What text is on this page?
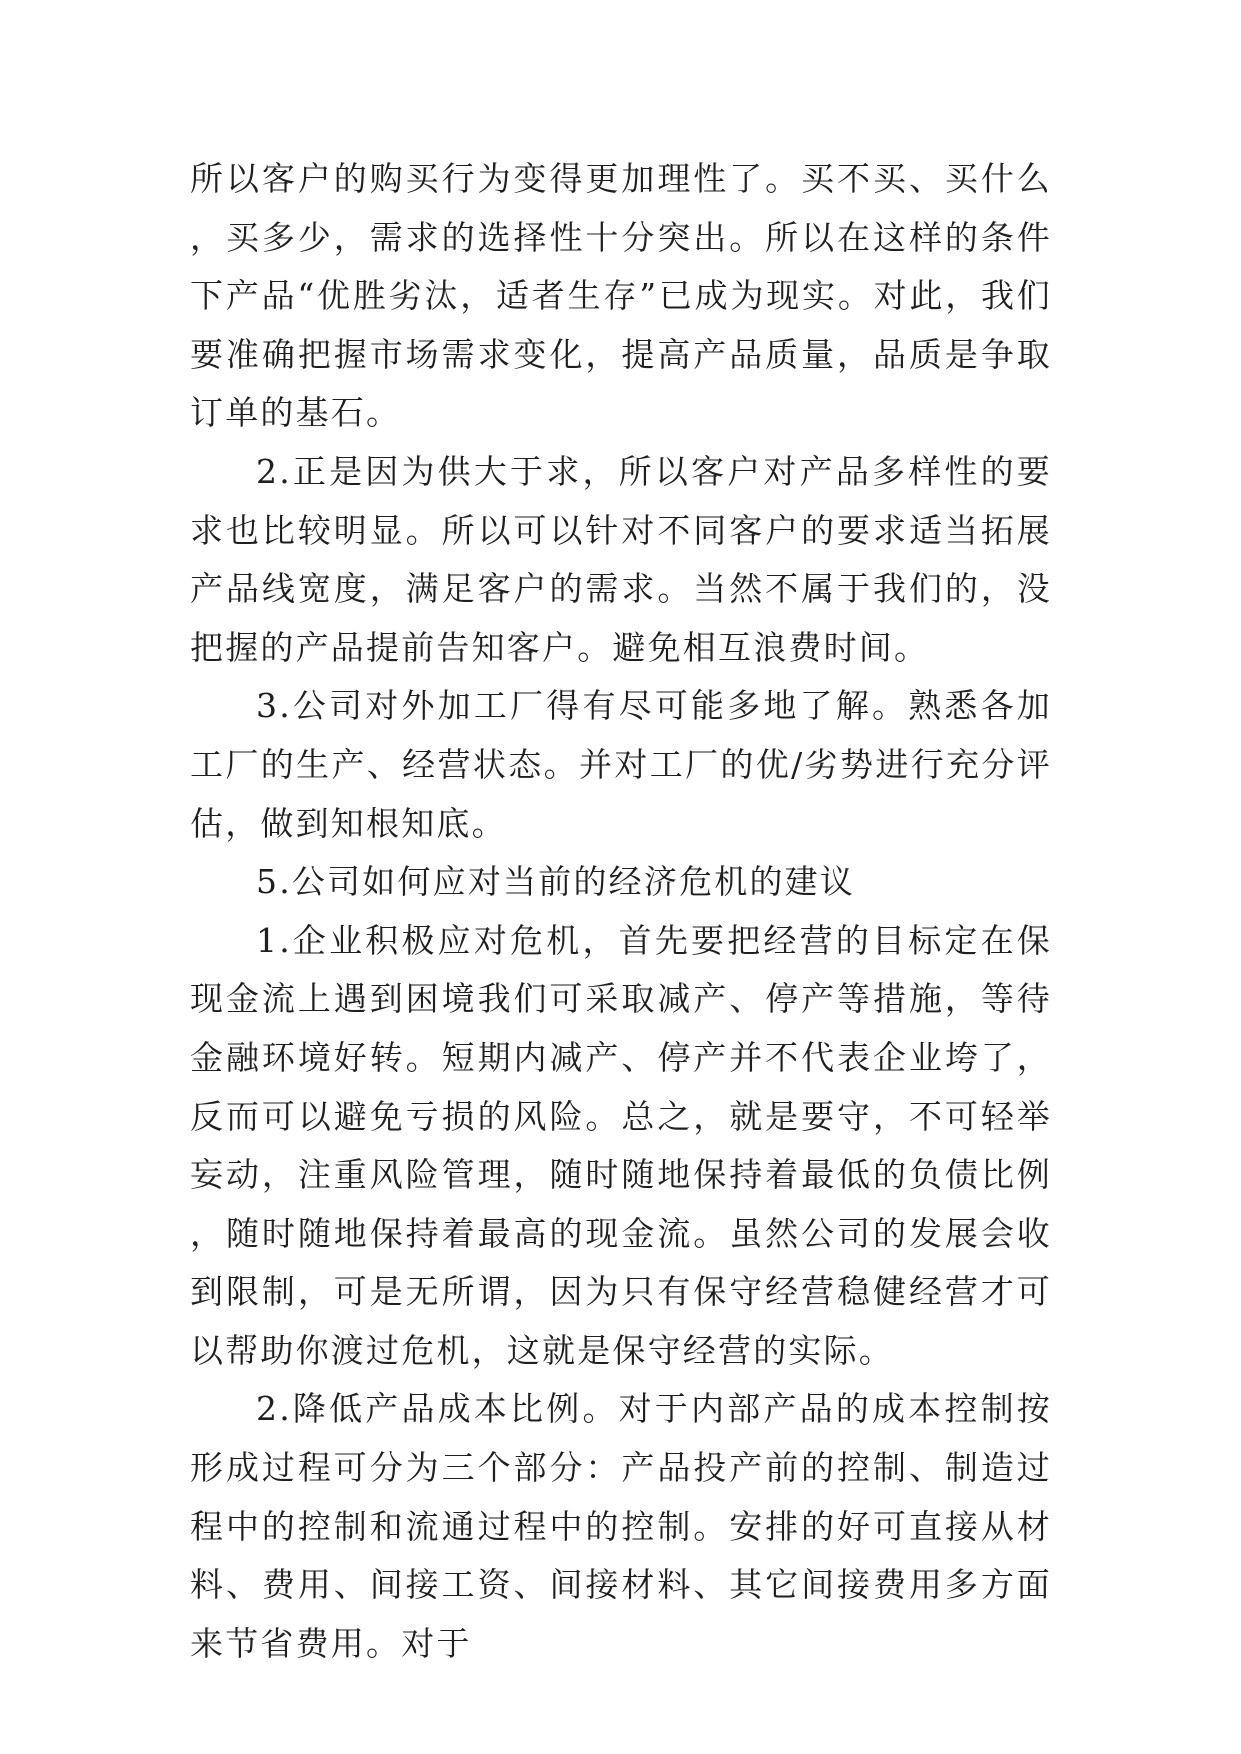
所以客户的购买行为变得更加理性了。买不买、买什么，买多少，需求的选择性十分突出。所以在这样的条件下产品“优胜劣汰，适者生存”已成为现实。对此，我们要准确把握市场需求变化，提高产品质量，品质是争取订单的基石。

2.正是因为供大于求，所以客户对产品多样性的要求也比较明显。所以可以针对不同客户的要求适当拓展产品线宽度，满足客户的需求。当然不属于我们的，没把握的产品提前告知客户。避免相互浪费时间。

3.公司对外加工厂得有尽可能多地了解。熟悉各加工厂的生产、经营状态。并对工厂的优/劣势进行充分评估，做到知根知底。

5.公司如何应对当前的经济危机的建议

1.企业积极应对危机，首先要把经营的目标定在保现金流上遇到困境我们可采取减产、停产等措施，等待金融环境好转。短期内减产、停产并不代表企业垮了，反而可以避免亏损的风险。总之，就是要守，不可轻举妄动，注重风险管理，随时随地保持着最低的负债比例，随时随地保持着最高的现金流。虽然公司的发展会收到限制，可是无所谓，因为只有保守经营稳健经营才可以帮助你渡过危机，这就是保守经营的实际。

2.降低产品成本比例。对于内部产品的成本控制按形成过程可分为三个部分：产品投产前的控制、制造过程中的控制和流通过程中的控制。安排的好可直接从材料、费用、间接工资、间接材料、其它间接费用多方面来节省费用。对于
